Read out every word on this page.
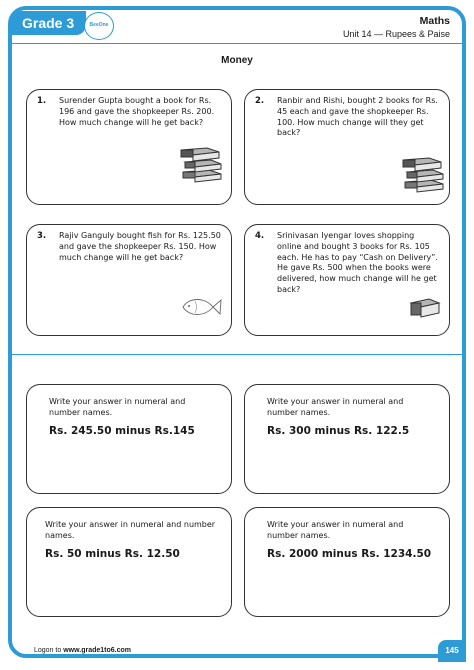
Grade 3	BeeOne	Maths
Unit 14 — Rupees & Paise
Money
1. Surender Gupta bought a book for Rs. 196 and gave the shopkeeper Rs. 200. How much change will he get back?
2. Ranbir and Rishi, bought 2 books for Rs. 45 each and gave the shopkeeper Rs. 100. How much change will they get back?
3. Rajiv Ganguly bought fish for Rs. 125.50 and gave the shopkeeper Rs. 150. How much change will he get back?
4. Srinivasan Iyengar loves shopping online and bought 3 books for Rs. 105 each. He has to pay “Cash on Delivery”. He gave Rs. 500 when the books were delivered, how much change will he get back?
Write your answer in numeral and number names.
Rs. 245.50 minus Rs.145
Write your answer in numeral and number names.
Rs. 300 minus Rs. 122.5
Write your answer in numeral and number names.
Rs. 50 minus Rs. 12.50
Write your answer in numeral and number names.
Rs. 2000 minus Rs. 1234.50
Logon to www.grade1to6.com	145
